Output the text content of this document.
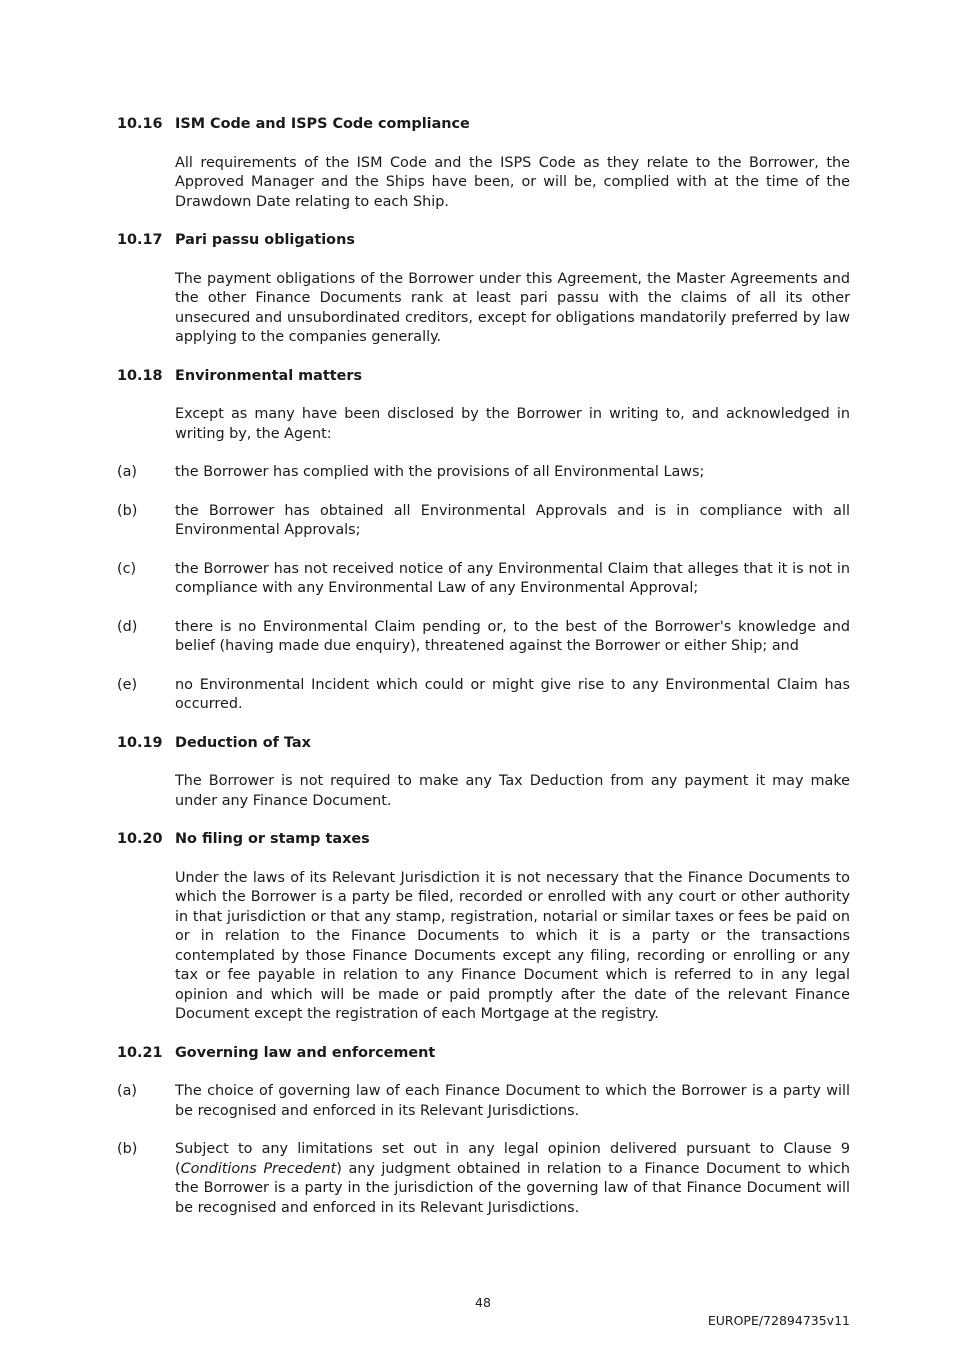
10.16 ISM Code and ISPS Code compliance
All requirements of the ISM Code and the ISPS Code as they relate to the Borrower, the Approved Manager and the Ships have been, or will be, complied with at the time of the Drawdown Date relating to each Ship.
10.17 Pari passu obligations
The payment obligations of the Borrower under this Agreement, the Master Agreements and the other Finance Documents rank at least pari passu with the claims of all its other unsecured and unsubordinated creditors, except for obligations mandatorily preferred by law applying to the companies generally.
10.18 Environmental matters
Except as many have been disclosed by the Borrower in writing to, and acknowledged in writing by, the Agent:
(a)	the Borrower has complied with the provisions of all Environmental Laws;
(b)	the Borrower has obtained all Environmental Approvals and is in compliance with all Environmental Approvals;
(c)	the Borrower has not received notice of any Environmental Claim that alleges that it is not in compliance with any Environmental Law of any Environmental Approval;
(d)	there is no Environmental Claim pending or, to the best of the Borrower's knowledge and belief (having made due enquiry), threatened against the Borrower or either Ship; and
(e)	no Environmental Incident which could or might give rise to any Environmental Claim has occurred.
10.19 Deduction of Tax
The Borrower is not required to make any Tax Deduction from any payment it may make under any Finance Document.
10.20 No filing or stamp taxes
Under the laws of its Relevant Jurisdiction it is not necessary that the Finance Documents to which the Borrower is a party be filed, recorded or enrolled with any court or other authority in that jurisdiction or that any stamp, registration, notarial or similar taxes or fees be paid on or in relation to the Finance Documents to which it is a party or the transactions contemplated by those Finance Documents except any filing, recording or enrolling or any tax or fee payable in relation to any Finance Document which is referred to in any legal opinion and which will be made or paid promptly after the date of the relevant Finance Document except the registration of each Mortgage at the registry.
10.21 Governing law and enforcement
(a)	The choice of governing law of each Finance Document to which the Borrower is a party will be recognised and enforced in its Relevant Jurisdictions.
(b)	Subject to any limitations set out in any legal opinion delivered pursuant to Clause 9 (Conditions Precedent) any judgment obtained in relation to a Finance Document to which the Borrower is a party in the jurisdiction of the governing law of that Finance Document will be recognised and enforced in its Relevant Jurisdictions.
48
EUROPE/72894735v11
